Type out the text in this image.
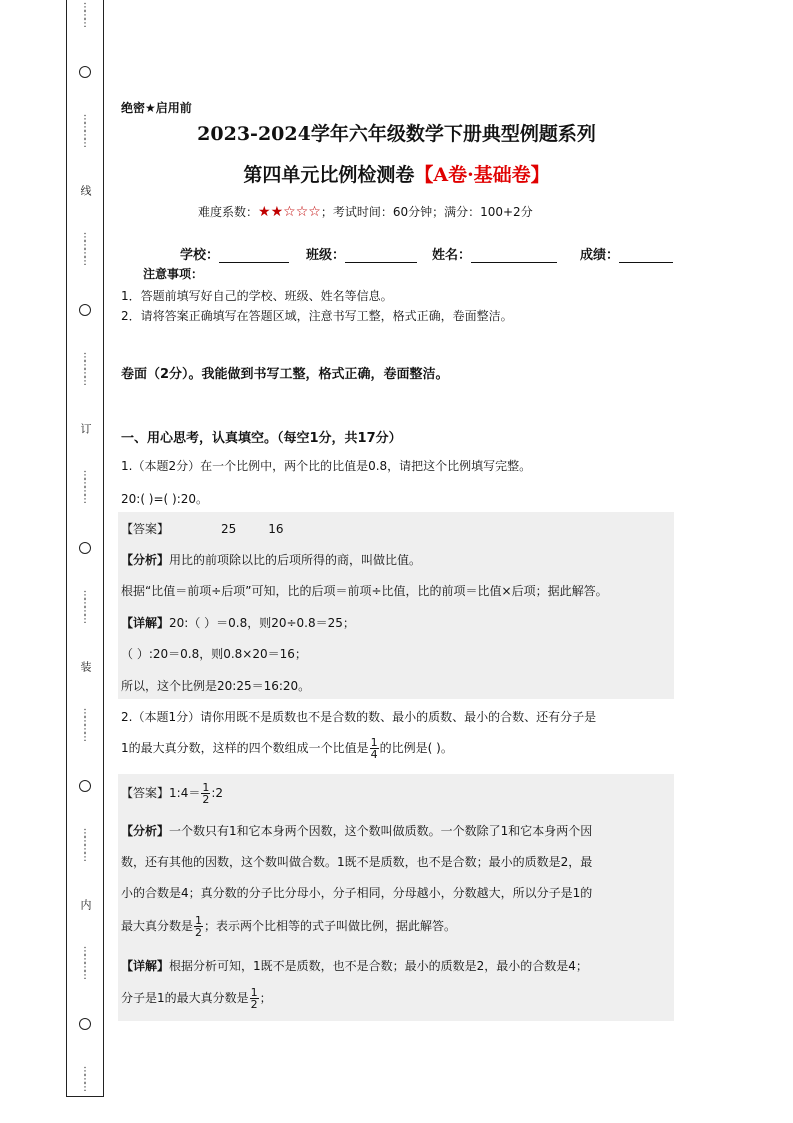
⋮
⋮
⋮
⋮
⋮
⋮
⋮
线
⋮
⋮
⋮
⋮
⋮
⋮
⋮
⋮
订
⋮
⋮
⋮
⋮
⋮
⋮
⋮
⋮
装
⋮
⋮
⋮
⋮
⋮
⋮
⋮
⋮
内
⋮
⋮
⋮
⋮
⋮
⋮
⋮
绝密★启用前
2023-2024学年六年级数学下册典型例题系列
第四单元比例检测卷【A卷·基础卷】
难度系数：★★☆☆☆；考试时间：60分钟；满分：100+2分
学校：	班级：	姓名：	成绩：
注意事项：
1．答题前填写好自己的学校、班级、姓名等信息。
2．请将答案正确填写在答题区域，注意书写工整，格式正确，卷面整洁。
卷面（2分）。我能做到书写工整，格式正确，卷面整洁。
一、用心思考，认真填空。（每空1分，共17分）
1.（本题2分）在一个比例中，两个比的比值是0.8，请把这个比例填写完整。
20:( )=( ):20。
【答案】	25	16
【分析】用比的前项除以比的后项所得的商，叫做比值。
根据“比值＝前项÷后项”可知，比的后项＝前项÷比值，比的前项＝比值×后项；据此解答。
【详解】20:（ ）＝0.8，则20÷0.8＝25；
（ ）:20＝0.8，则0.8×20＝16；
所以，这个比例是20:25＝16:20。
2.（本题1分）请你用既不是质数也不是合数的数、最小的质数、最小的合数、还有分子是
1的最大真分数，这样的四个数组成一个比值是 $\frac{1}{4}$ 的比例是( )。
【答案】1:4＝ $\frac{1}{2}$ :2
【分析】一个数只有1和它本身两个因数，这个数叫做质数。一个数除了1和它本身两个因
数，还有其他的因数，这个数叫做合数。1既不是质数，也不是合数；最小的质数是2，最
小的合数是4；真分数的分子比分母小，分子相同，分母越小，分数越大，所以分子是1的
最大真分数是 $\frac{1}{2}$ ；表示两个比相等的式子叫做比例，据此解答。
【详解】根据分析可知，1既不是质数，也不是合数；最小的质数是2，最小的合数是4；
分子是1的最大真分数是 $\frac{1}{2}$ ；
